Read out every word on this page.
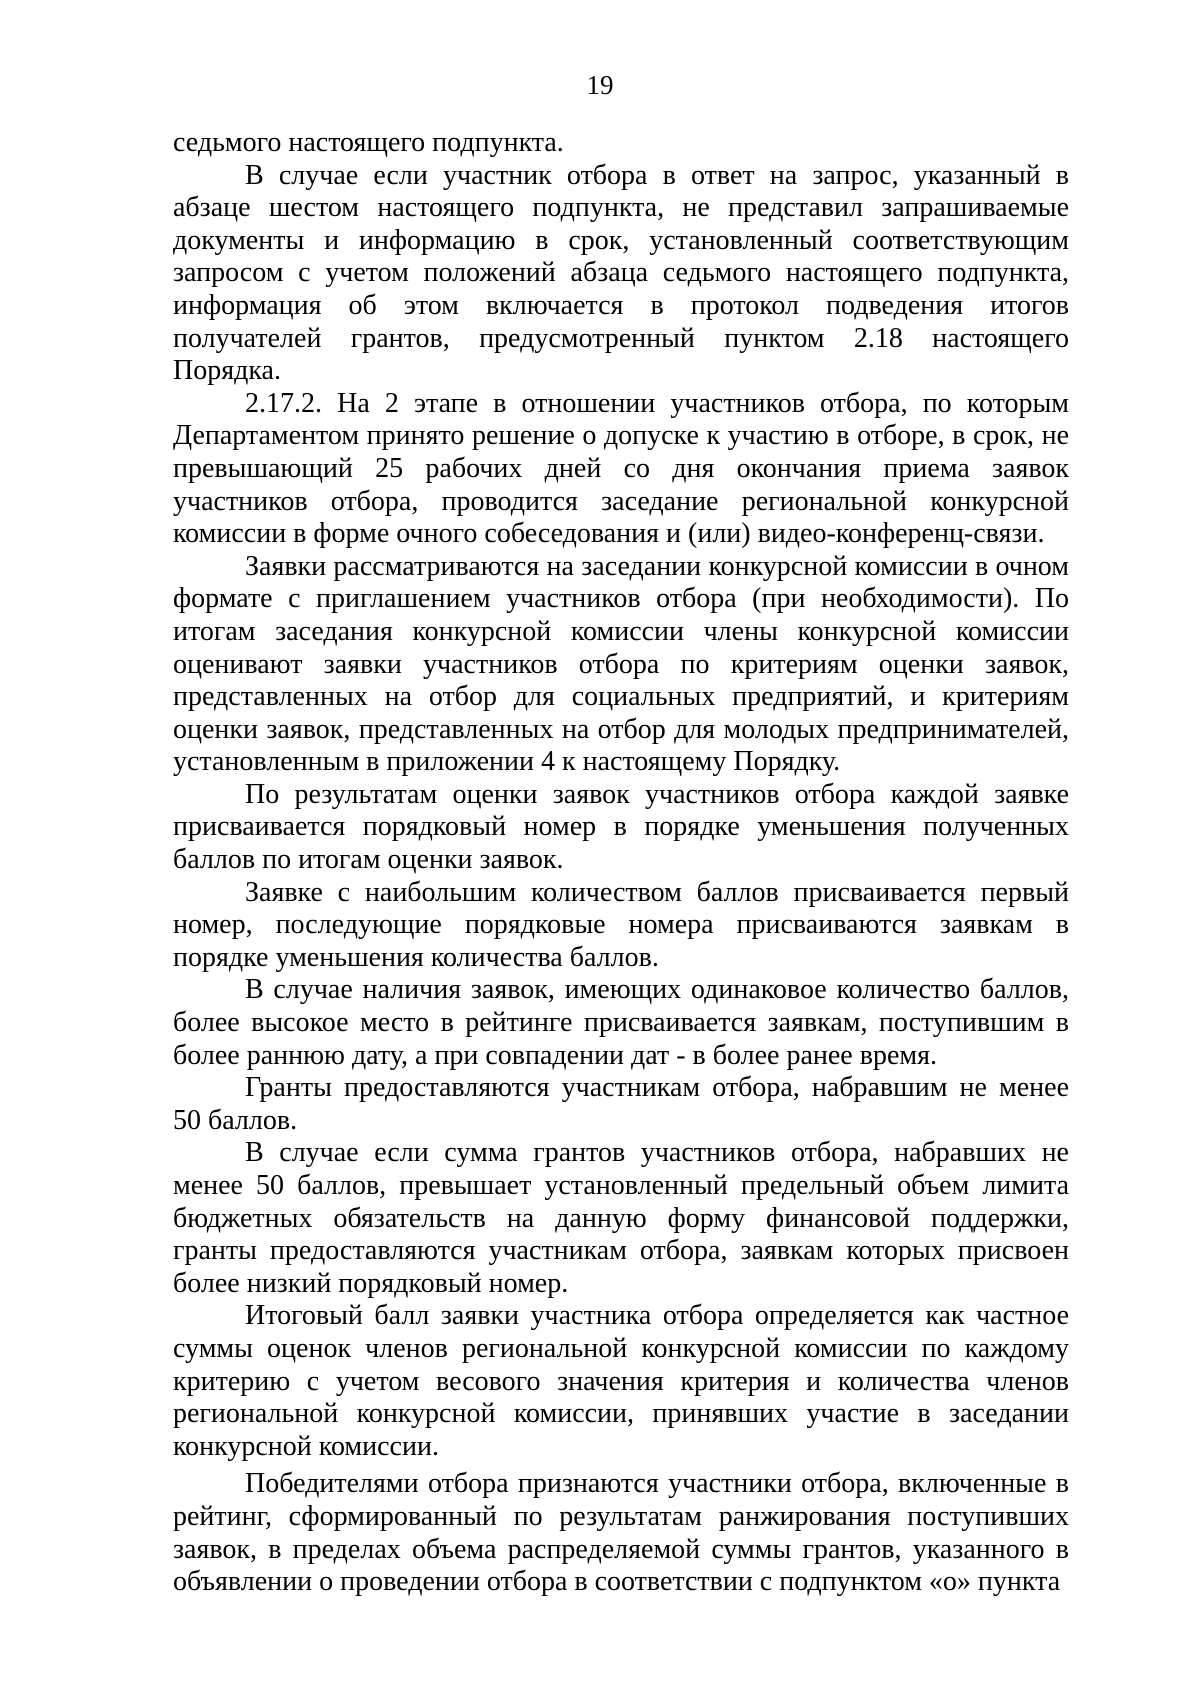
19

седьмого настоящего подпункта.

В случае если участник отбора в ответ на запрос, указанный в абзаце шестом настоящего подпункта, не представил запрашиваемые документы и информацию в срок, установленный соответствующим запросом с учетом положений абзаца седьмого настоящего подпункта, информация об этом включается в протокол подведения итогов получателей грантов, предусмотренный пунктом 2.18 настоящего Порядка.

2.17.2. На 2 этапе в отношении участников отбора, по которым Департаментом принято решение о допуске к участию в отборе, в срок, не превышающий 25 рабочих дней со дня окончания приема заявок участников отбора, проводится заседание региональной конкурсной комиссии в форме очного собеседования и (или) видео-конференц-связи.

Заявки рассматриваются на заседании конкурсной комиссии в очном формате с приглашением участников отбора (при необходимости). По итогам заседания конкурсной комиссии члены конкурсной комиссии оценивают заявки участников отбора по критериям оценки заявок, представленных на отбор для социальных предприятий, и критериям оценки заявок, представленных на отбор для молодых предпринимателей, установленным в приложении 4 к настоящему Порядку.

По результатам оценки заявок участников отбора каждой заявке присваивается порядковый номер в порядке уменьшения полученных баллов по итогам оценки заявок.

Заявке с наибольшим количеством баллов присваивается первый номер, последующие порядковые номера присваиваются заявкам в порядке уменьшения количества баллов.

В случае наличия заявок, имеющих одинаковое количество баллов, более высокое место в рейтинге присваивается заявкам, поступившим в более раннюю дату, а при совпадении дат - в более ранее время.

Гранты предоставляются участникам отбора, набравшим не менее 50 баллов.

В случае если сумма грантов участников отбора, набравших не менее 50 баллов, превышает установленный предельный объем лимита бюджетных обязательств на данную форму финансовой поддержки, гранты предоставляются участникам отбора, заявкам которых присвоен более низкий порядковый номер.

Итоговый балл заявки участника отбора определяется как частное суммы оценок членов региональной конкурсной комиссии по каждому критерию с учетом весового значения критерия и количества членов региональной конкурсной комиссии, принявших участие в заседании конкурсной комиссии.

Победителями отбора признаются участники отбора, включенные в рейтинг, сформированный по результатам ранжирования поступивших заявок, в пределах объема распределяемой суммы грантов, указанного в объявлении о проведении отбора в соответствии с подпунктом «о» пункта
